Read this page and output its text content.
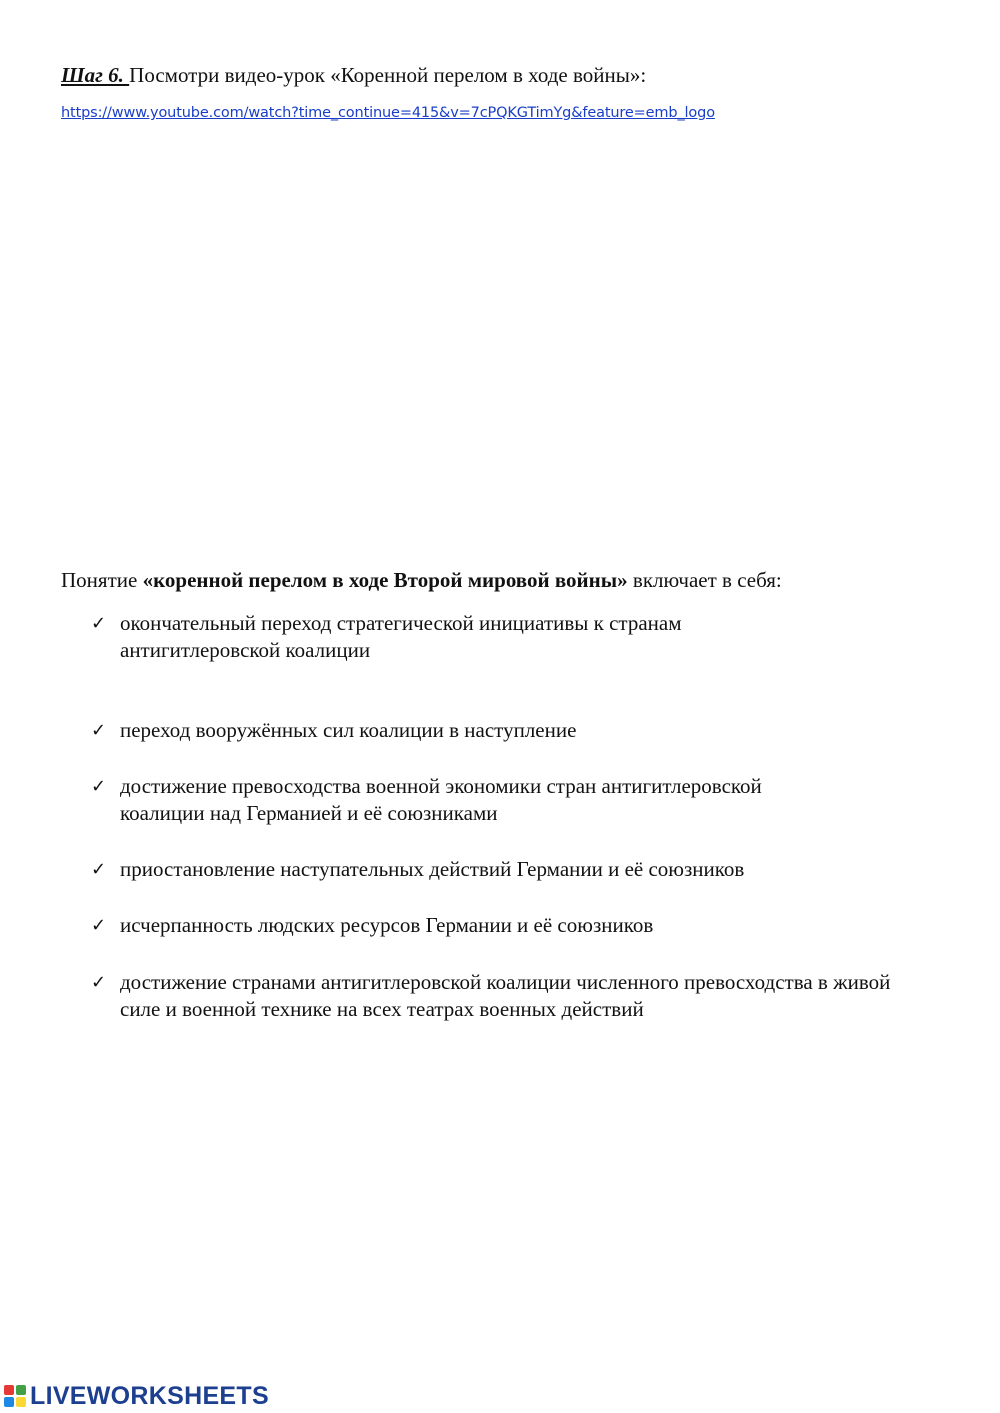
Шаг 6. Посмотри видео-урок «Коренной перелом в ходе войны»:
https://www.youtube.com/watch?time_continue=415&v=7cPQKGTimYg&feature=emb_logo
Понятие «коренной перелом в ходе Второй мировой войны» включает в себя:
✓ окончательный переход стратегической инициативы к странам антигитлеровской коалиции
✓ переход вооружённых сил коалиции в наступление
✓ достижение превосходства военной экономики стран антигитлеровской коалиции над Германией и её союзниками
✓ приостановление наступательных действий Германии и её союзников
✓ исчерпанность людских ресурсов Германии и её союзников
✓ достижение странами антигитлеровской коалиции численного превосходства в живой силе и военной технике на всех театрах военных действий
LIVEWORKSHEETS
